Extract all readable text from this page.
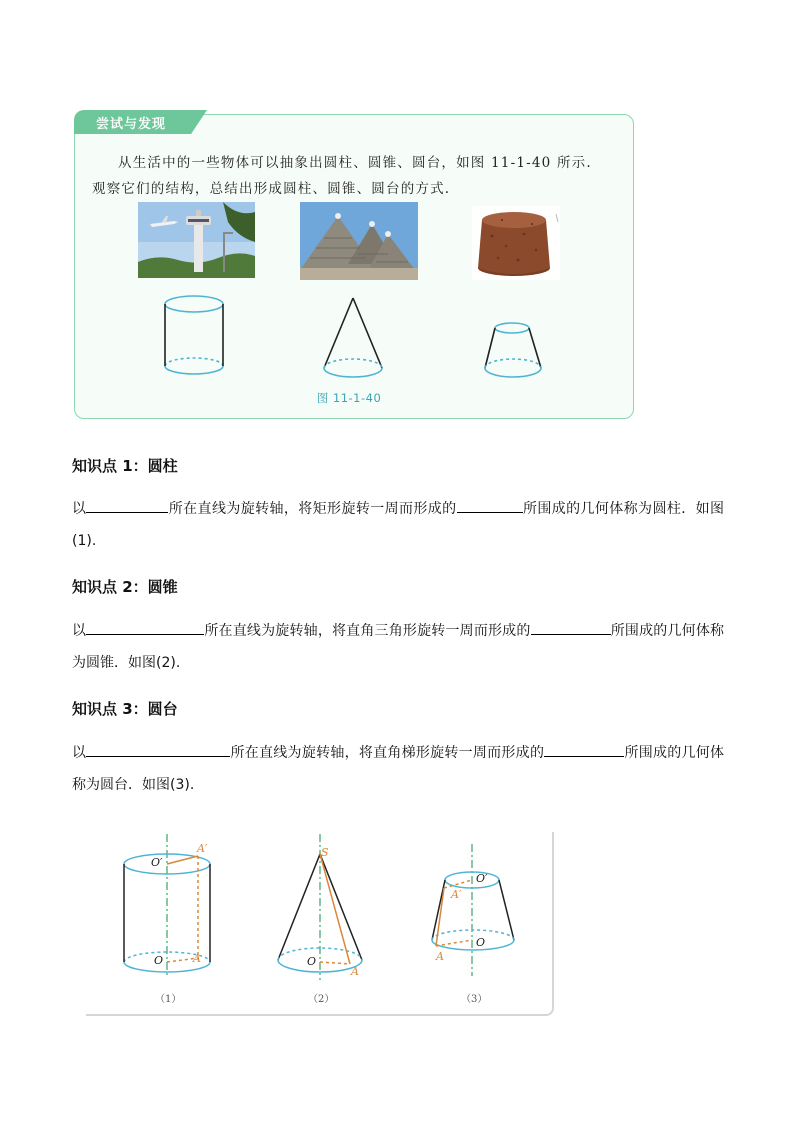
尝试与发现
从生活中的一些物体可以抽象出圆柱、圆锥、圆台，如图 11-1-40 所示. 观察它们的结构，总结出形成圆柱、圆锥、圆台的方式.
图 11-1-40
知识点 1：圆柱
以	所在直线为旋转轴，将矩形旋转一周而形成的	所围成的几何体称为圆柱．如图(1).
知识点 2：圆锥
以	所在直线为旋转轴，将直角三角形旋转一周而形成的	所围成的几何体称为圆锥．如图(2).
知识点 3：圆台
以	所在直线为旋转轴，将直角梯形旋转一周而形成的	所围成的几何体称为圆台．如图(3).
O′
A′
O	A
S
O
A
O′
A′
O
A
（1）	（2）	（3）
